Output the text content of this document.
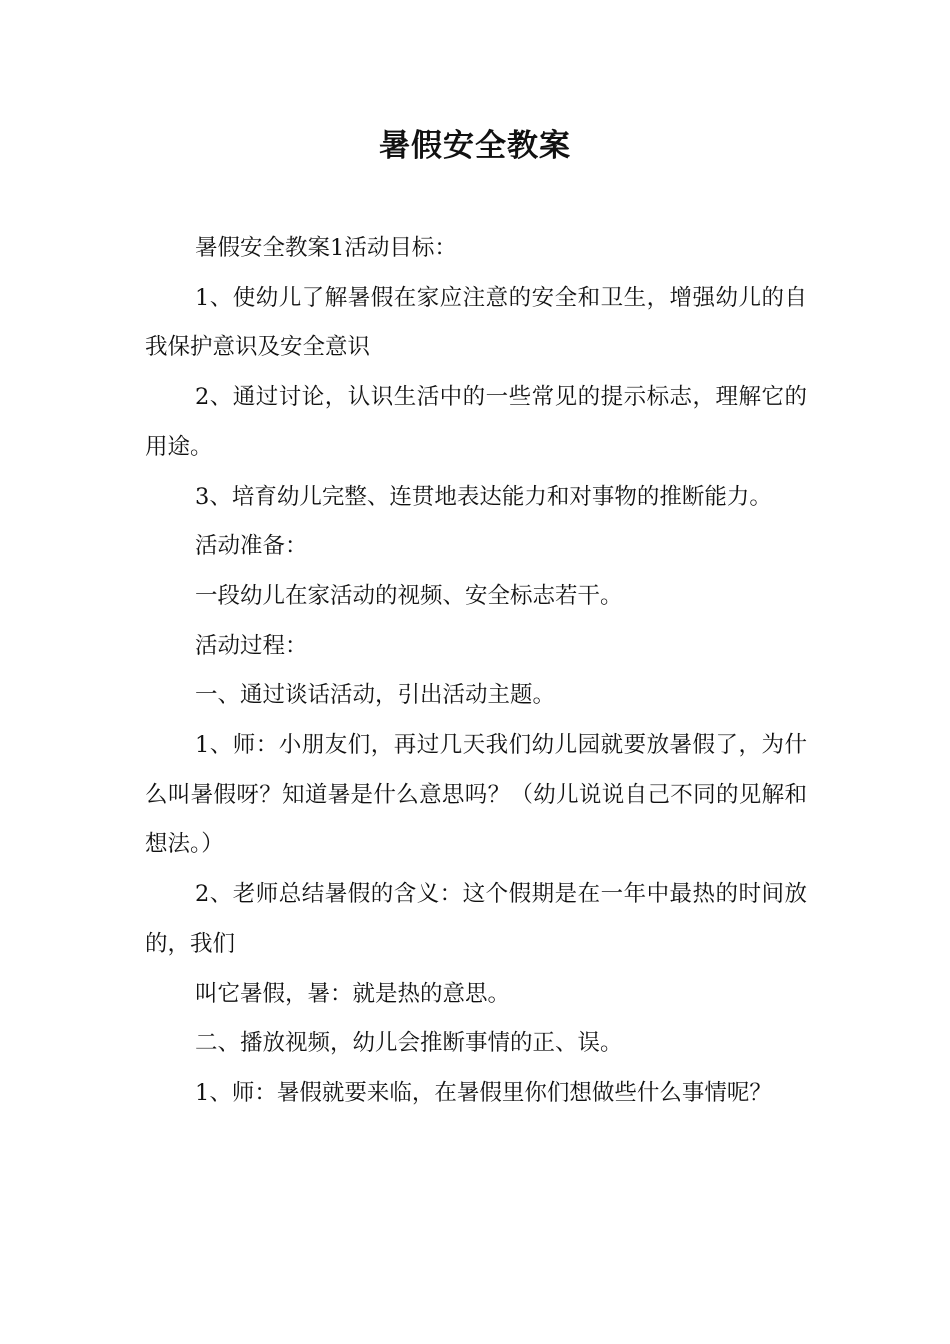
暑假安全教案

暑假安全教案1活动目标：

1、使幼儿了解暑假在家应注意的安全和卫生，增强幼儿的自我保护意识及安全意识

2、通过讨论，认识生活中的一些常见的提示标志，理解它的用途。

3、培育幼儿完整、连贯地表达能力和对事物的推断能力。

活动准备：

一段幼儿在家活动的视频、安全标志若干。

活动过程：

一、通过谈话活动，引出活动主题。

1、师：小朋友们，再过几天我们幼儿园就要放暑假了，为什么叫暑假呀？知道暑是什么意思吗？（幼儿说说自己不同的见解和想法。）

2、老师总结暑假的含义：这个假期是在一年中最热的时间放的，我们

叫它暑假，暑：就是热的意思。

二、播放视频，幼儿会推断事情的正、误。

1、师：暑假就要来临，在暑假里你们想做些什么事情呢？
